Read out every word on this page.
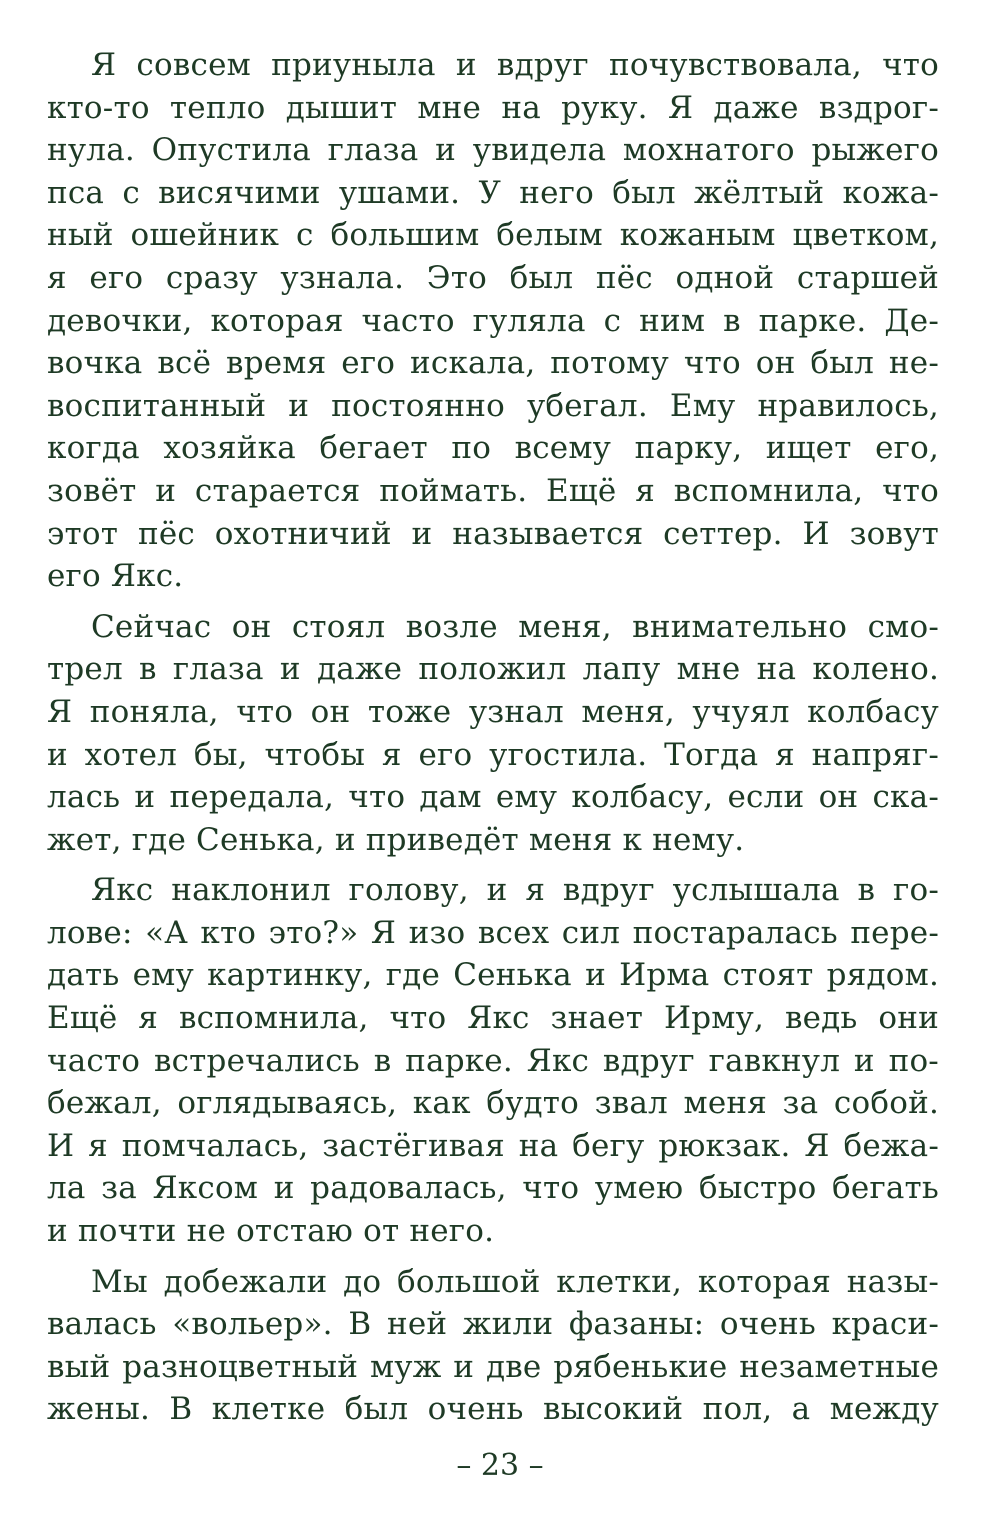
Я совсем приуныла и вдруг почувствовала, что
кто-то тепло дышит мне на руку. Я даже вздрог-
нула. Опустила глаза и увидела мохнатого рыжего
пса с висячими ушами. У него был жёлтый кожа-
ный ошейник с большим белым кожаным цветком,
я его сразу узнала. Это был пёс одной старшей
девочки, которая часто гуляла с ним в парке. Де-
вочка всё время его искала, потому что он был не-
воспитанный и постоянно убегал. Ему нравилось,
когда хозяйка бегает по всему парку, ищет его,
зовёт и старается поймать. Ещё я вспомнила, что
этот пёс охотничий и называется сеттер. И зовут
его Якс.
Сейчас он стоял возле меня, внимательно смо-
трел в глаза и даже положил лапу мне на колено.
Я поняла, что он тоже узнал меня, учуял колбасу
и хотел бы, чтобы я его угостила. Тогда я напряг-
лась и передала, что дам ему колбасу, если он ска-
жет, где Сенька, и приведёт меня к нему.
Якс наклонил голову, и я вдруг услышала в го-
лове: «А кто это?» Я изо всех сил постаралась пере-
дать ему картинку, где Сенька и Ирма стоят рядом.
Ещё я вспомнила, что Якс знает Ирму, ведь они
часто встречались в парке. Якс вдруг гавкнул и по-
бежал, оглядываясь, как будто звал меня за собой.
И я помчалась, застёгивая на бегу рюкзак. Я бежа-
ла за Яксом и радовалась, что умею быстро бегать
и почти не отстаю от него.
Мы добежали до большой клетки, которая назы-
валась «вольер». В ней жили фазаны: очень краси-
вый разноцветный муж и две рябенькие незаметные
жены. В клетке был очень высокий пол, а между
– 23 –
